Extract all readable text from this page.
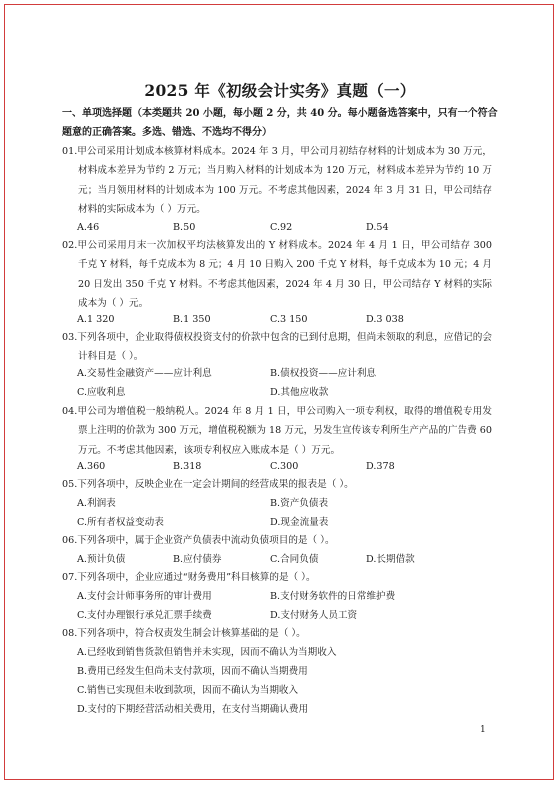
2025 年《初级会计实务》真题（一）
一、单项选择题（本类题共 20 小题，每小题 2 分，共 40 分。每小题备选答案中，只有一个符合
题意的正确答案。多选、错选、不选均不得分）
01.甲公司采用计划成本核算材料成本。2024 年 3 月，甲公司月初结存材料的计划成本为 30 万元，材料成本差异为节约 2 万元；当月购入材料的计划成本为 120 万元，材料成本差异为节约 10 万元；当月领用材料的计划成本为 100 万元。不考虑其他因素，2024 年 3 月 31 日，甲公司结存材料的实际成本为（ ）万元。
A.46	B.50	C.92	D.54
02.甲公司采用月末一次加权平均法核算发出的 Y 材料成本。2024 年 4 月 1 日，甲公司结存 300 千克 Y 材料，每千克成本为 8 元；4 月 10 日购入 200 千克 Y 材料，每千克成本为 10 元；4 月 20 日发出 350 千克 Y 材料。不考虑其他因素，2024 年 4 月 30 日，甲公司结存 Y 材料的实际成本为（ ）元。
A.1 320	B.1 350	C.3 150	D.3 038
03.下列各项中，企业取得债权投资支付的价款中包含的已到付息期，但尚未领取的利息，应借记的会计科目是（ ）。
A.交易性金融资产——应计利息	B.债权投资——应计利息
C.应收利息	D.其他应收款
04.甲公司为增值税一般纳税人。2024 年 8 月 1 日，甲公司购入一项专利权，取得的增值税专用发票上注明的价款为 300 万元，增值税税额为 18 万元，另发生宣传该专利所生产产品的广告费 60 万元。不考虑其他因素，该项专利权应入账成本是（ ）万元。
A.360	B.318	C.300	D.378
05.下列各项中，反映企业在一定会计期间的经营成果的报表是（ ）。
A.利润表	B.资产负债表
C.所有者权益变动表	D.现金流量表
06.下列各项中，属于企业资产负债表中流动负债项目的是（ ）。
A.预计负债	B.应付债券	C.合同负债	D.长期借款
07.下列各项中，企业应通过“财务费用”科目核算的是（ ）。
A.支付会计师事务所的审计费用	B.支付财务软件的日常维护费
C.支付办理银行承兑汇票手续费	D.支付财务人员工资
08.下列各项中，符合权责发生制会计核算基础的是（ ）。
A.已经收到销售货款但销售并未实现，因而不确认为当期收入
B.费用已经发生但尚未支付款项，因而不确认当期费用
C.销售已实现但未收到款项，因而不确认为当期收入
D.支付的下期经营活动相关费用，在支付当期确认费用
1
